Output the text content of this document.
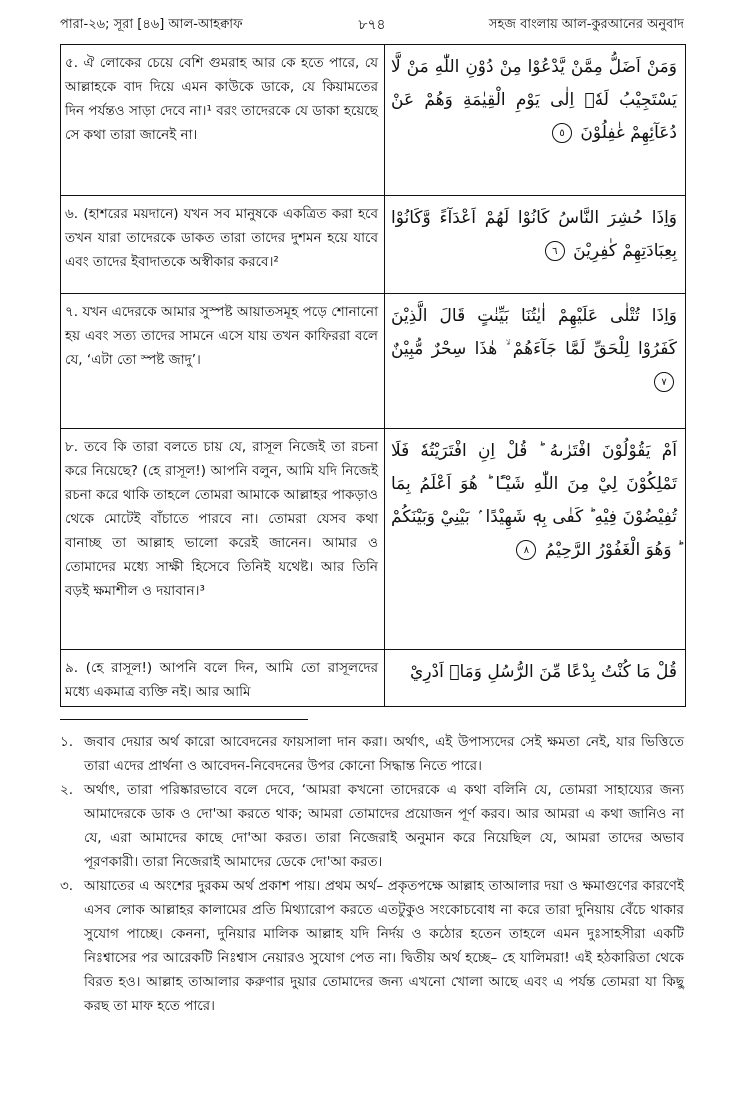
পারা-২৬; সূরা [৪৬] আল-আহক্বাফ	৮৭৪	সহজ বাংলায় আল-কুরআনের অনুবাদ
৫. ঐ লোকের চেয়ে বেশি গুমরাহ আর কে হতে পারে, যে আল্লাহকে বাদ দিয়ে এমন কাউকে ডাকে, যে কিয়ামতের দিন পর্যন্তও সাড়া দেবে না।¹ বরং তাদেরকে যে ডাকা হয়েছে সে কথা তারা জানেই না।
وَمَنْ اَضَلُّ مِمَّنْ يَّدْعُوْا مِنْ دُوْنِ اللّٰهِ مَنْ لَّا يَسْتَجِيْبُ لَهٗۤ اِلٰى يَوْمِ الْقِيٰمَةِ وَهُمْ عَنْ دُعَآئِهِمْ غٰفِلُوْنَ ٥
৬. (হাশরের ময়দানে) যখন সব মানুষকে একত্রিত করা হবে তখন যারা তাদেরকে ডাকত তারা তাদের দুশমন হয়ে যাবে এবং তাদের ইবাদাতকে অস্বীকার করবে।²
وَاِذَا حُشِرَ النَّاسُ كَانُوْا لَهُمْ اَعْدَآءً وَّكَانُوْا بِعِبَادَتِهِمْ كٰفِرِيْنَ ٦
৭. যখন এদেরকে আমার সুস্পষ্ট আয়াতসমূহ পড়ে শোনানো হয় এবং সত্য তাদের সামনে এসে যায় তখন কাফিররা বলে যে, ‘এটা তো স্পষ্ট জাদু’।
وَاِذَا تُتْلٰى عَلَيْهِمْ اٰيٰتُنَا بَيِّنٰتٍ قَالَ الَّذِيْنَ كَفَرُوْا لِلْحَقِّ لَمَّا جَآءَهُمْ ۙ هٰذَا سِحْرٌ مُّبِيْنٌ ٧
৮. তবে কি তারা বলতে চায় যে, রাসূল নিজেই তা রচনা করে নিয়েছে? (হে রাসূল!) আপনি বলুন, আমি যদি নিজেই রচনা করে থাকি তাহলে তোমরা আমাকে আল্লাহর পাকড়াও থেকে মোটেই বাঁচাতে পারবে না। তোমরা যেসব কথা বানাচ্ছ তা আল্লাহ ভালো করেই জানেন। আমার ও তোমাদের মধ্যে সাক্ষী হিসেবে তিনিই যথেষ্ট। আর তিনি বড়ই ক্ষমাশীল ও দয়াবান।³
اَمْ يَقُوْلُوْنَ افْتَرٰىهُ ؕ قُلْ اِنِ افْتَرَيْتُهٗ فَلَا تَمْلِكُوْنَ لِيْ مِنَ اللّٰهِ شَيْـًٔا ؕ هُوَ اَعْلَمُ بِمَا تُفِيْضُوْنَ فِيْهِ ؕ كَفٰى بِهٖ شَهِيْدًا ۢ بَيْنِيْ وَبَيْنَكُمْ ؕ وَهُوَ الْغَفُوْرُ الرَّحِيْمُ ٨
৯. (হে রাসূল!) আপনি বলে দিন, আমি তো রাসূলদের মধ্যে একমাত্র ব্যক্তি নই। আর আমি
قُلْ مَا كُنْتُ بِدْعًا مِّنَ الرُّسُلِ وَمَاۤ اَدْرِيْ
১. জবাব দেয়ার অর্থ কারো আবেদনের ফায়সালা দান করা। অর্থাৎ, এই উপাস্যদের সেই ক্ষমতা নেই, যার ভিত্তিতে তারা এদের প্রার্থনা ও আবেদন-নিবেদনের উপর কোনো সিদ্ধান্ত নিতে পারে।
২. অর্থাৎ, তারা পরিষ্কারভাবে বলে দেবে, ‘আমরা কখনো তাদেরকে এ কথা বলিনি যে, তোমরা সাহায্যের জন্য আমাদেরকে ডাক ও দো'আ করতে থাক; আমরা তোমাদের প্রয়োজন পূর্ণ করব। আর আমরা এ কথা জানিও না যে, এরা আমাদের কাছে দো'আ করত। তারা নিজেরাই অনুমান করে নিয়েছিল যে, আমরা তাদের অভাব পূরণকারী। তারা নিজেরাই আমাদের ডেকে দো'আ করত।
৩. আয়াতের এ অংশের দুরকম অর্থ প্রকাশ পায়। প্রথম অর্থ– প্রকৃতপক্ষে আল্লাহ তাআলার দয়া ও ক্ষমাগুণের কারণেই এসব লোক আল্লাহর কালামের প্রতি মিথ্যারোপ করতে এতটুকুও সংকোচবোধ না করে তারা দুনিয়ায় বেঁচে থাকার সুযোগ পাচ্ছে। কেননা, দুনিয়ার মালিক আল্লাহ যদি নির্দয় ও কঠোর হতেন তাহলে এমন দুঃসাহসীরা একটি নিঃশ্বাসের পর আরেকটি নিঃশ্বাস নেয়ারও সুযোগ পেত না। দ্বিতীয় অর্থ হচ্ছে– হে যালিমরা! এই হঠকারিতা থেকে বিরত হও। আল্লাহ তাআলার করুণার দুয়ার তোমাদের জন্য এখনো খোলা আছে এবং এ পর্যন্ত তোমরা যা কিছু করছ তা মাফ হতে পারে।
